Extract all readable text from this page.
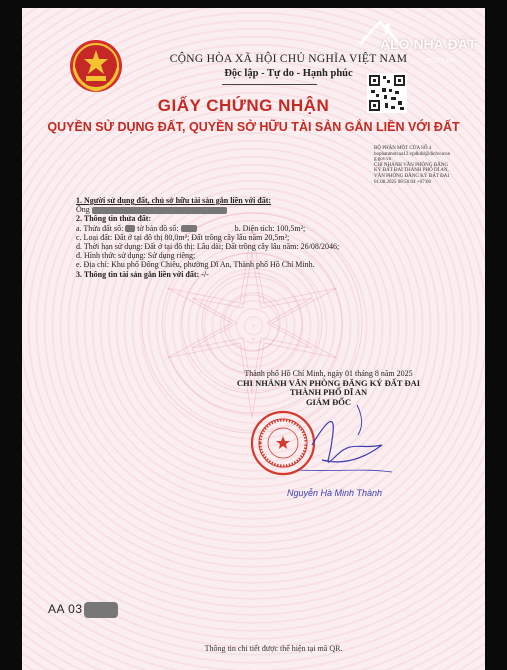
CỘNG HÒA XÃ HỘI CHỦ NGHĨA VIỆT NAM
Độc lập - Tự do - Hạnh phúc
GIẤY CHỨNG NHẬN
QUYỀN SỬ DỤNG ĐẤT, QUYỀN SỞ HỮU TÀI SẢN GẮN LIỀN VỚI ĐẤT
BỘ PHẬN MỘT CỬA SỐ 4
bophanmotcua12.vpdkdd@dichvucon
g.gov.vn
CHI NHÁNH VĂN PHÒNG ĐĂNG
KÝ ĐẤT ĐAI THÀNH PHỐ DĨ AN,
VĂN PHÒNG ĐĂNG KÝ ĐẤT ĐAI
01.08.2025 08:56:04 +07:00
1. Người sử dụng đất, chủ sở hữu tài sản gắn liền với đất:
Ông
2. Thông tin thửa đất:
a. Thửa đất số: tờ bản đồ số:	b. Diện tích: 100,5m²;
c. Loại đất: Đất ở tại đô thị 80,0m²; Đất trồng cây lâu năm 20,5m²;
d. Thời hạn sử dụng: Đất ở tại đô thị: Lâu dài; Đất trồng cây lâu năm: 26/08/2046;
đ. Hình thức sử dụng: Sử dụng riêng;
e. Địa chỉ: Khu phố Đông Chiêu, phường Dĩ An, Thành phố Hồ Chí Minh.
3. Thông tin tài sản gắn liền với đất: -/-
Thành phố Hồ Chí Minh, ngày 01 tháng 8 năm 2025
CHI NHÁNH VĂN PHÒNG ĐĂNG KÝ ĐẤT ĐAI
THÀNH PHỐ DĨ AN
GIÁM ĐỐC
Nguyễn Hà Minh Thành
AA 03
Thông tin chi tiết được thể hiện tại mã QR.
ALO NHÀ ĐẤT
.com.vn
